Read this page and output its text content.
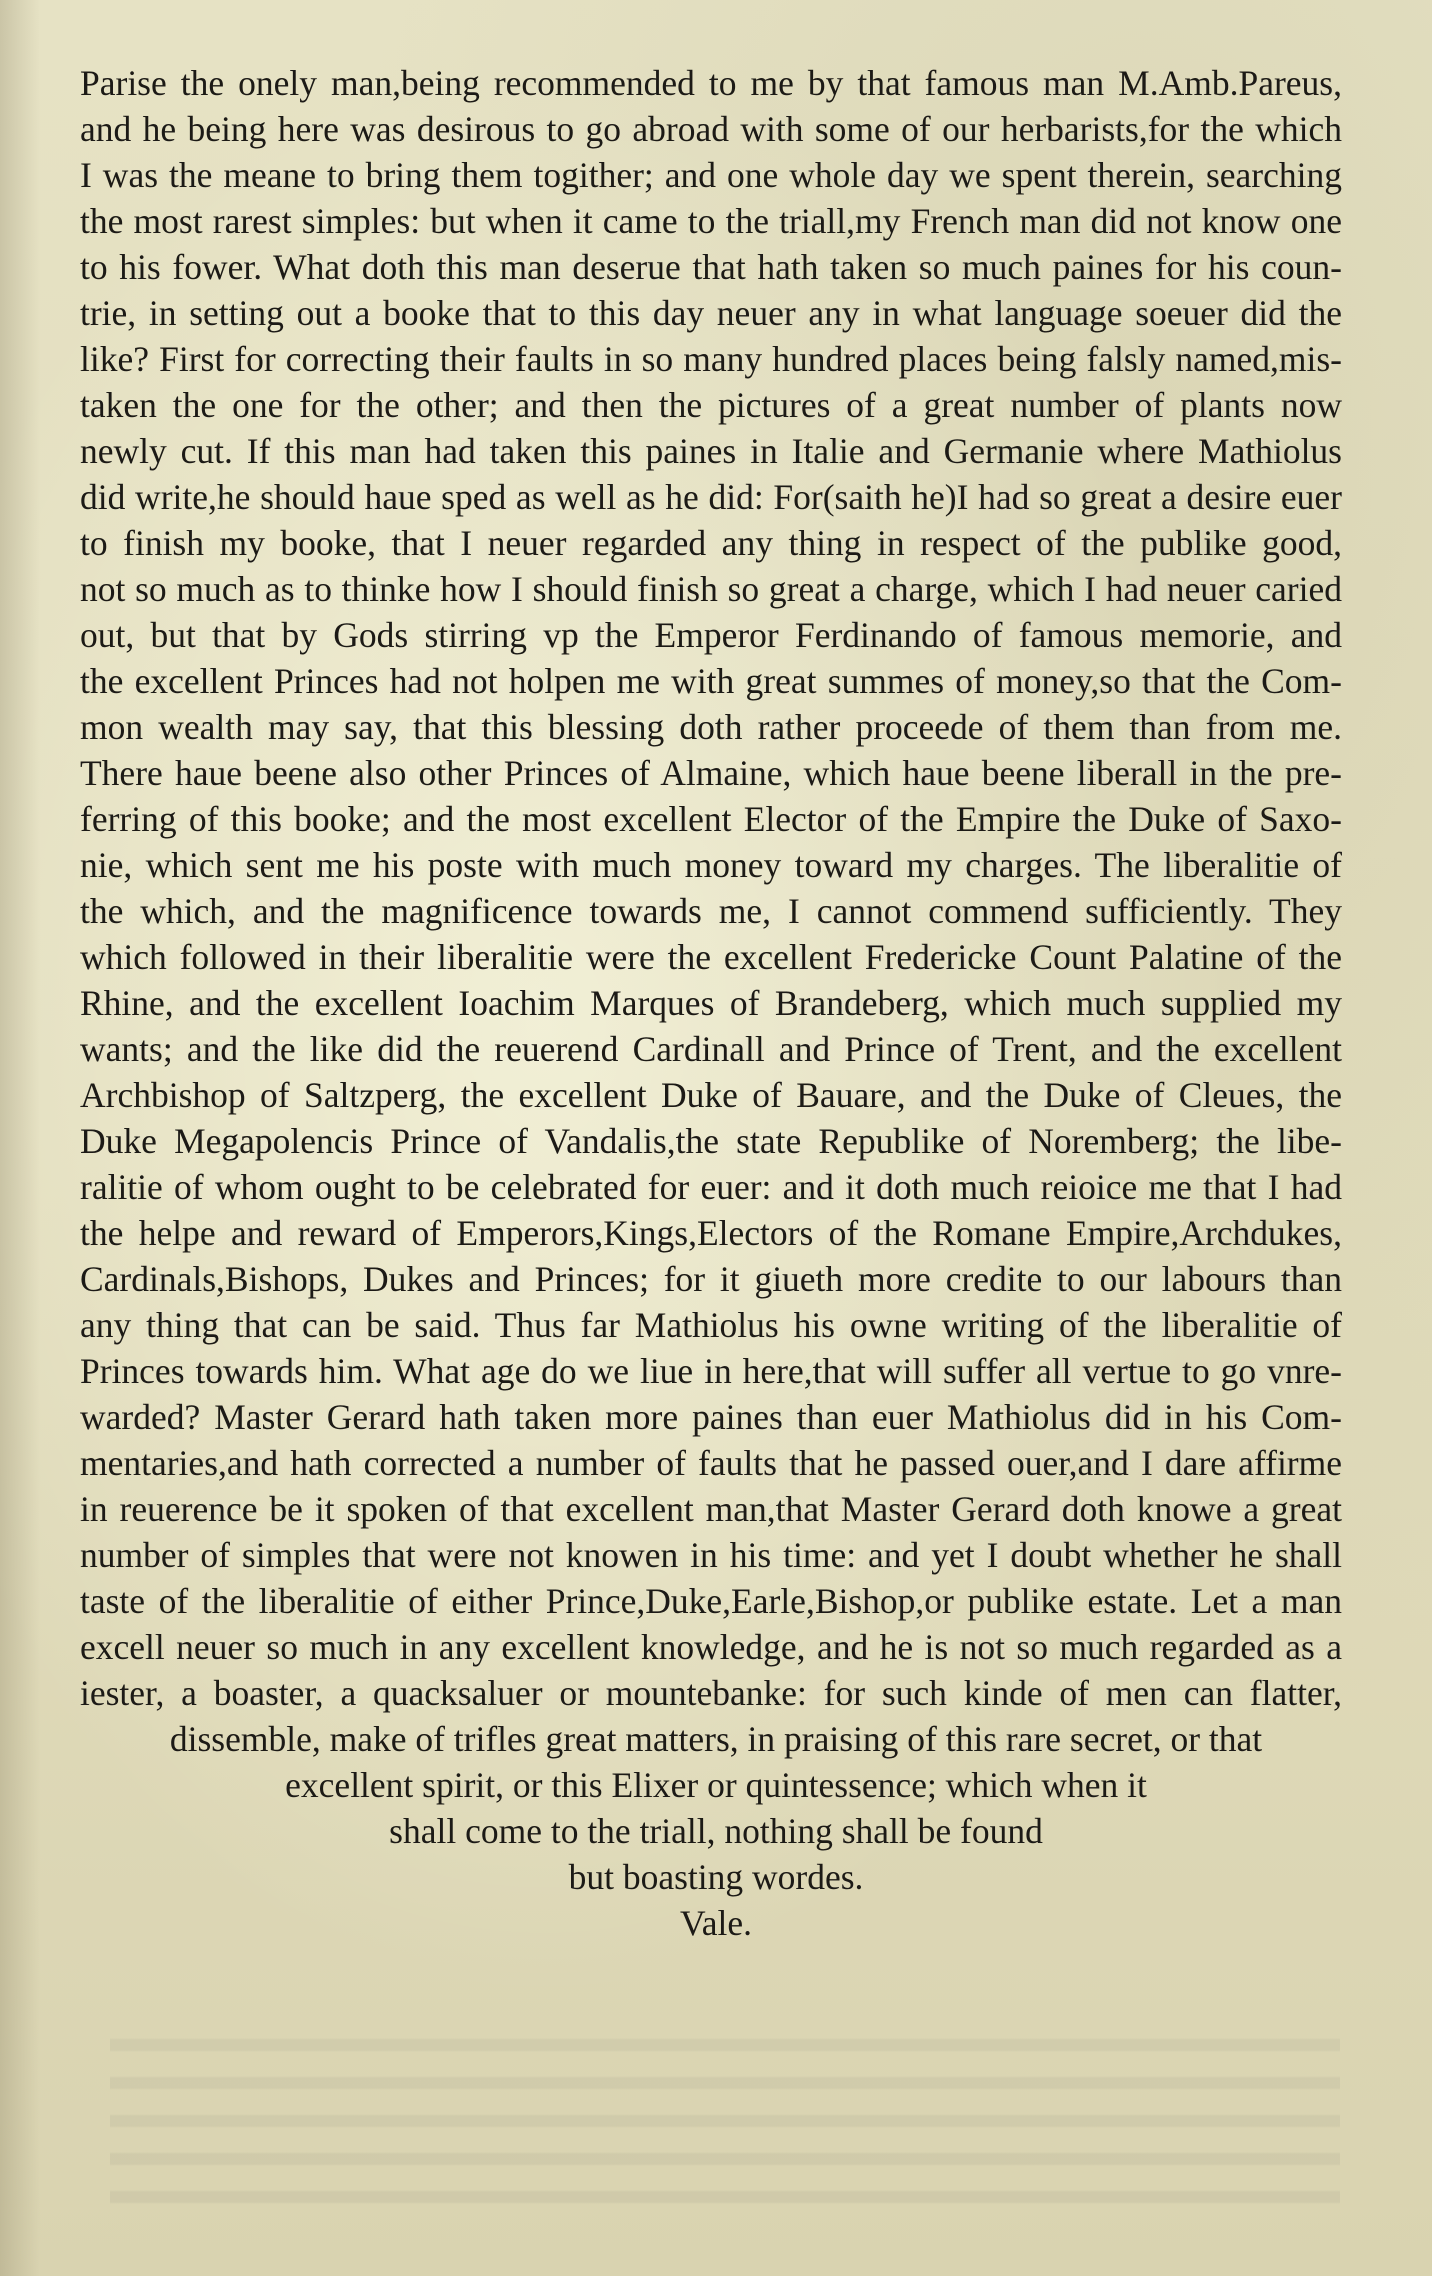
Parise the onely man,being recommended to me by that famous man M.Amb.Pareus,
and he being here was desirous to go abroad with some of our herbarists,for the which
I was the meane to bring them togither; and one whole day we spent therein, searching
the most rarest simples: but when it came to the triall,my French man did not know one
to his fower. What doth this man deserue that hath taken so much paines for his coun-
trie, in setting out a booke that to this day neuer any in what language soeuer did the
like? First for correcting their faults in so many hundred places being falsly named,mis-
taken the one for the other; and then the pictures of a great number of plants now
newly cut. If this man had taken this paines in Italie and Germanie where Mathiolus
did write,he should haue sped as well as he did: For(saith he)I had so great a desire euer
to finish my booke, that I neuer regarded any thing in respect of the publike good,
not so much as to thinke how I should finish so great a charge, which I had neuer caried
out, but that by Gods stirring vp the Emperor Ferdinando of famous memorie, and
the excellent Princes had not holpen me with great summes of money,so that the Com-
mon wealth may say, that this blessing doth rather proceede of them than from me.
There haue beene also other Princes of Almaine, which haue beene liberall in the pre-
ferring of this booke; and the most excellent Elector of the Empire the Duke of Saxo-
nie, which sent me his poste with much money toward my charges. The liberalitie of
the which, and the magnificence towards me, I cannot commend sufficiently. They
which followed in their liberalitie were the excellent Fredericke Count Palatine of the
Rhine, and the excellent Ioachim Marques of Brandeberg, which much supplied my
wants; and the like did the reuerend Cardinall and Prince of Trent, and the excellent
Archbishop of Saltzperg, the excellent Duke of Bauare, and the Duke of Cleues, the
Duke Megapolencis Prince of Vandalis,the state Republike of Noremberg; the libe-
ralitie of whom ought to be celebrated for euer: and it doth much reioice me that I had
the helpe and reward of Emperors,Kings,Electors of the Romane Empire,Archdukes,
Cardinals,Bishops, Dukes and Princes; for it giueth more credite to our labours than
any thing that can be said. Thus far Mathiolus his owne writing of the liberalitie of
Princes towards him. What age do we liue in here,that will suffer all vertue to go vnre-
warded? Master Gerard hath taken more paines than euer Mathiolus did in his Com-
mentaries,and hath corrected a number of faults that he passed ouer,and I dare affirme
in reuerence be it spoken of that excellent man,that Master Gerard doth knowe a great
number of simples that were not knowen in his time: and yet I doubt whether he shall
taste of the liberalitie of either Prince,Duke,Earle,Bishop,or publike estate. Let a man
excell neuer so much in any excellent knowledge, and he is not so much regarded as a
iester, a boaster, a quacksaluer or mountebanke: for such kinde of men can flatter,
dissemble, make of trifles great matters, in praising of this rare secret, or that
excellent spirit, or this Elixer or quintessence; which when it
shall come to the triall, nothing shall be found
but boasting wordes.
Vale.
